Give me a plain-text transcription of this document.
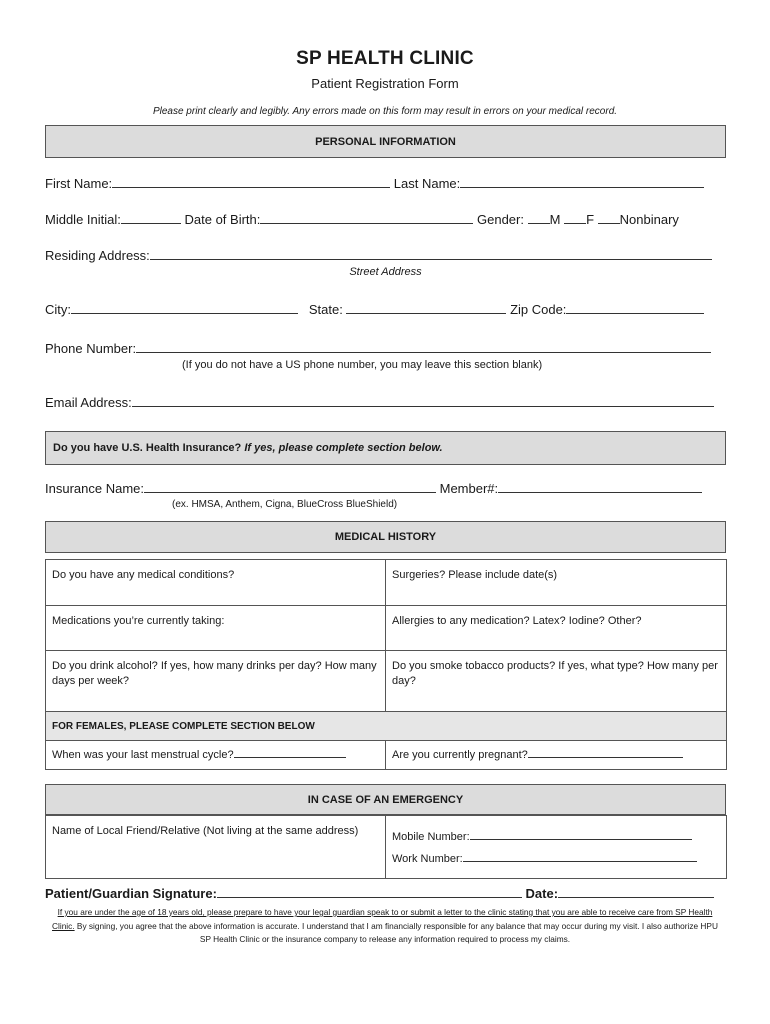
SP HEALTH CLINIC
Patient Registration Form
Please print clearly and legibly. Any errors made on this form may result in errors on your medical record.
PERSONAL INFORMATION
First Name:	Last Name:
Middle Initial:	Date of Birth:	Gender: M F Nonbinary
Residing Address:
Street Address
City:	State:	Zip Code:
Phone Number:
(If you do not have a US phone number, you may leave this section blank)
Email Address:
Do you have U.S. Health Insurance?
If yes, please complete section below.
Insurance Name:	Member#:
(ex. HMSA, Anthem, Cigna, BlueCross BlueShield)
MEDICAL HISTORY
Do you have any medical conditions?	Surgeries? Please include date(s)
Medications you’re currently taking:	Allergies to any medication? Latex? Iodine? Other?
Do you drink alcohol? If yes, how many drinks per day? How many days per week?	Do you smoke tobacco products? If yes, what type? How many per day?
FOR FEMALES, PLEASE COMPLETE SECTION BELOW	
When was your last menstrual cycle?	Are you currently pregnant?
IN CASE OF AN EMERGENCY
Name of Local Friend/Relative (Not living at the same address)	Mobile Number:
Work Number:
Patient/Guardian Signature:	Date:
If you are under the age of 18 years old, please prepare to have your legal guardian speak to or submit a letter to the clinic stating that you are able to receive care from SP Health Clinic. By signing, you agree that the above information is accurate. I understand that I am financially responsible for any balance that may occur during my visit. I also authorize HPU SP Health Clinic or the insurance company to release any information required to process my claims.
